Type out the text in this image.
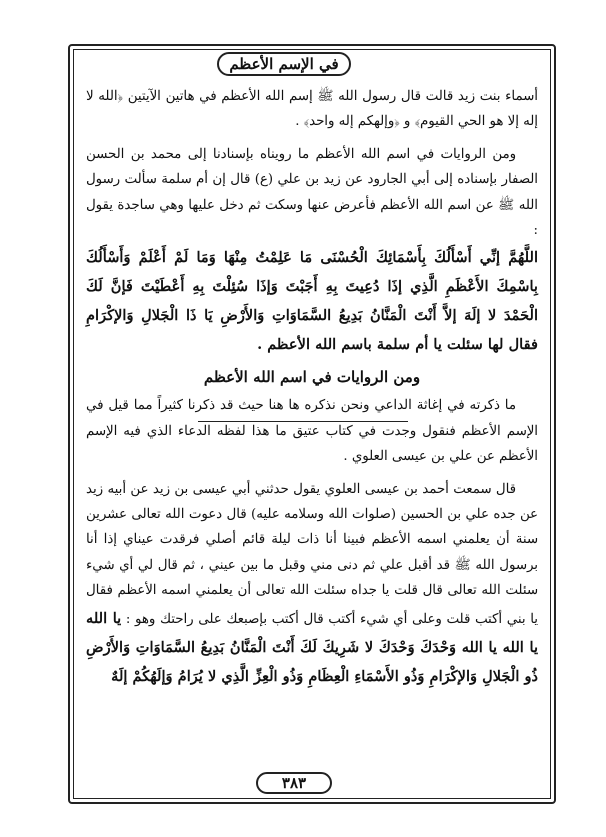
في الإسم الأعظم

أسماء بنت زيد قالت قال رسول الله ﷺ إسم الله الأعظم في هاتين الآيتين ﴿الله لا إله إلا هو الحي القيوم﴾ و ﴿وإلهكم إله واحد﴾ .

ومن الروايات في اسم الله الأعظم ما رويناه بإسنادنا إلى محمد بن الحسن الصفار بإسناده إلى أبي الجارود عن زيد بن علي (ع) قال إن أم سلمة سألت رسول الله ﷺ عن اسم الله الأعظم فأعرض عنها وسكت ثم دخل عليها وهي ساجدة يقول :

اللَّهُمَّ إنِّي أَسْأَلُكَ بِأَسْمَائِكَ الْحُسْنَى مَا عَلِمْتُ مِنْهَا وَمَا لَمْ أَعْلَمْ وَأَسْأَلُكَ بِاسْمِكَ الأَعْظَمِ الَّذِي إذَا دُعِيتَ بِهِ أَجَبْتَ وَإذَا سُئِلْتَ بِهِ أَعْطَيْتَ فَإنَّ لَكَ الْحَمْدَ لا إلَهَ إلاَّ أَنْتَ الْمَنَّانُ بَدِيعُ السَّمَاوَاتِ وَالأَرْضِ يَا ذَا الْجَلالِ وَالإكْرَامِ فقال لها سئلت يا أم سلمة باسم الله الأعظم .

ومن الروايات في اسم الله الأعظم

ما ذكرته في إغاثة الداعي ونحن نذكره ها هنا حيث قد ذكرنا كثيراً مما قيل في الإسم الأعظم فنقول وجدت في كتاب عتيق ما هذا لفظه الدعاء الذي فيه الإسم الأعظم عن علي بن عيسى العلوي .

قال سمعت أحمد بن عيسى العلوي يقول حدثني أبي عيسى بن زيد عن أبيه زيد عن جده علي بن الحسين (صلوات الله وسلامه عليه) قال دعوت الله تعالى عشرين سنة أن يعلمني اسمه الأعظم فبينا أنا ذات ليلة قائم أصلي فرقدت عيناي إذا أنا برسول الله ﷺ قد أقبل علي ثم دنى مني وقبل ما بين عيني ، ثم قال لي أي شيء سئلت الله تعالى قال قلت يا جداه سئلت الله تعالى أن يعلمني اسمه الأعظم فقال يا بني أكتب قلت وعلى أي شيء أكتب قال أكتب بإصبعك على راحتك وهو : يا الله يا الله يا الله وَحْدَكَ وَحْدَكَ لا شَرِيكَ لَكَ أَنْتَ الْمَنَّانُ بَدِيعُ السَّمَاوَاتِ وَالأَرْضِ ذُو الْجَلالِ وَالإكْرَامِ وَذُو الأَسْمَاءِ الْعِظَامِ وَذُو الْعِزِّ الَّذِي لا يُرَامُ وَإلَهُكُمْ إلَهٌ

٣٨٣
